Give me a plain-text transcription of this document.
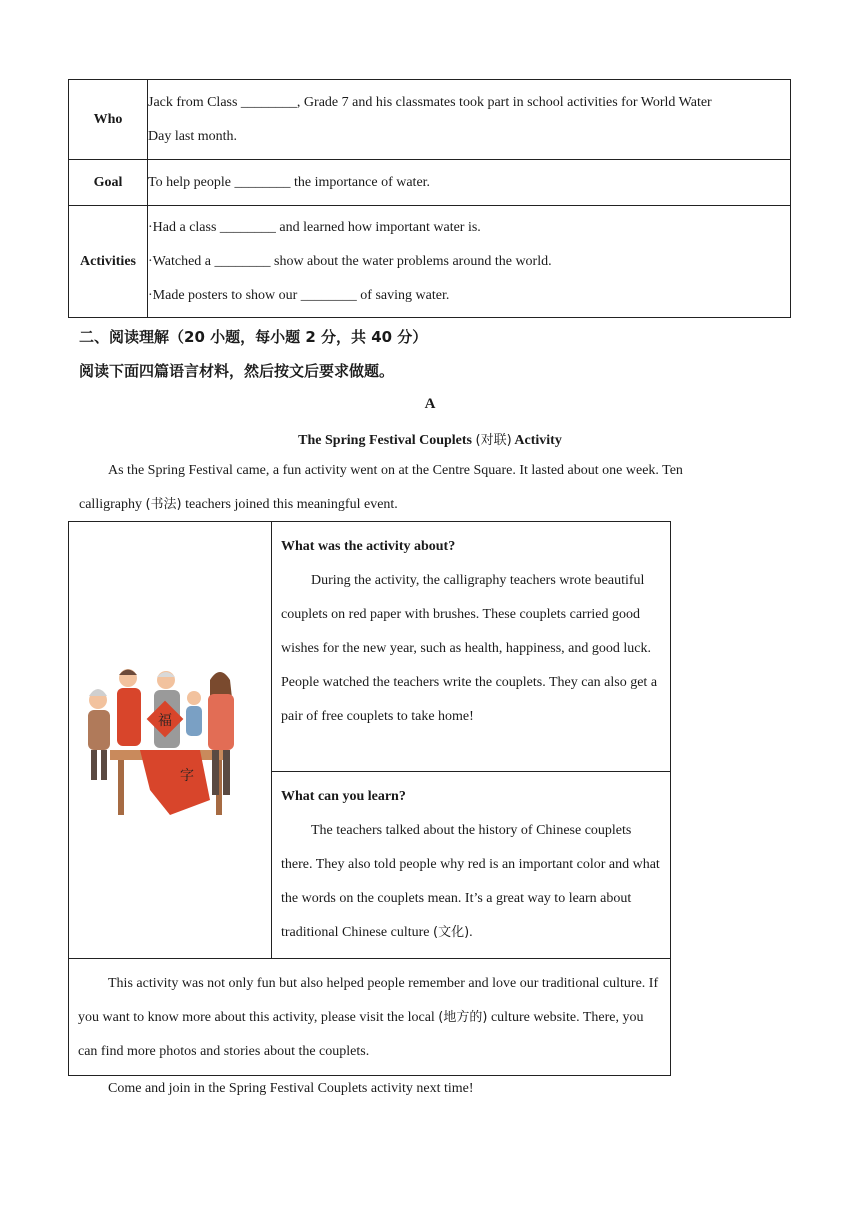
Who	Jack from Class ________, Grade 7 and his classmates took part in school activities for World Water
Day last month.

Goal	To help people ________ the importance of water.

Activities	·Had a class ________ and learned how important water is.
·Watched a ________ show about the water problems around the world.
·Made posters to show our ________ of saving water.
二、阅读理解（20 小题，每小题 2 分，共 40 分）
阅读下面四篇语言材料，然后按文后要求做题。
A
The Spring Festival Couplets (对联) Activity
As the Spring Festival came, a fun activity went on at the Centre Square. It lasted about one week. Ten
calligraphy (书法) teachers joined this meaningful event.
字
福

What was the activity about?
During the activity, the calligraphy teachers wrote beautiful couplets on red paper with brushes. These couplets carried good wishes for the new year, such as health, happiness, and good luck. People watched the teachers write the couplets. They can also get a pair of free couplets to take home!

What can you learn?
The teachers talked about the history of Chinese couplets there. They also told people why red is an important color and what the words on the couplets mean. It’s a great way to learn about traditional Chinese culture (文化).

This activity was not only fun but also helped people remember and love our traditional culture. If you want to know more about this activity, please visit the local (地方的) culture website. There, you can find more photos and stories about the couplets.
Come and join in the Spring Festival Couplets activity next time!
